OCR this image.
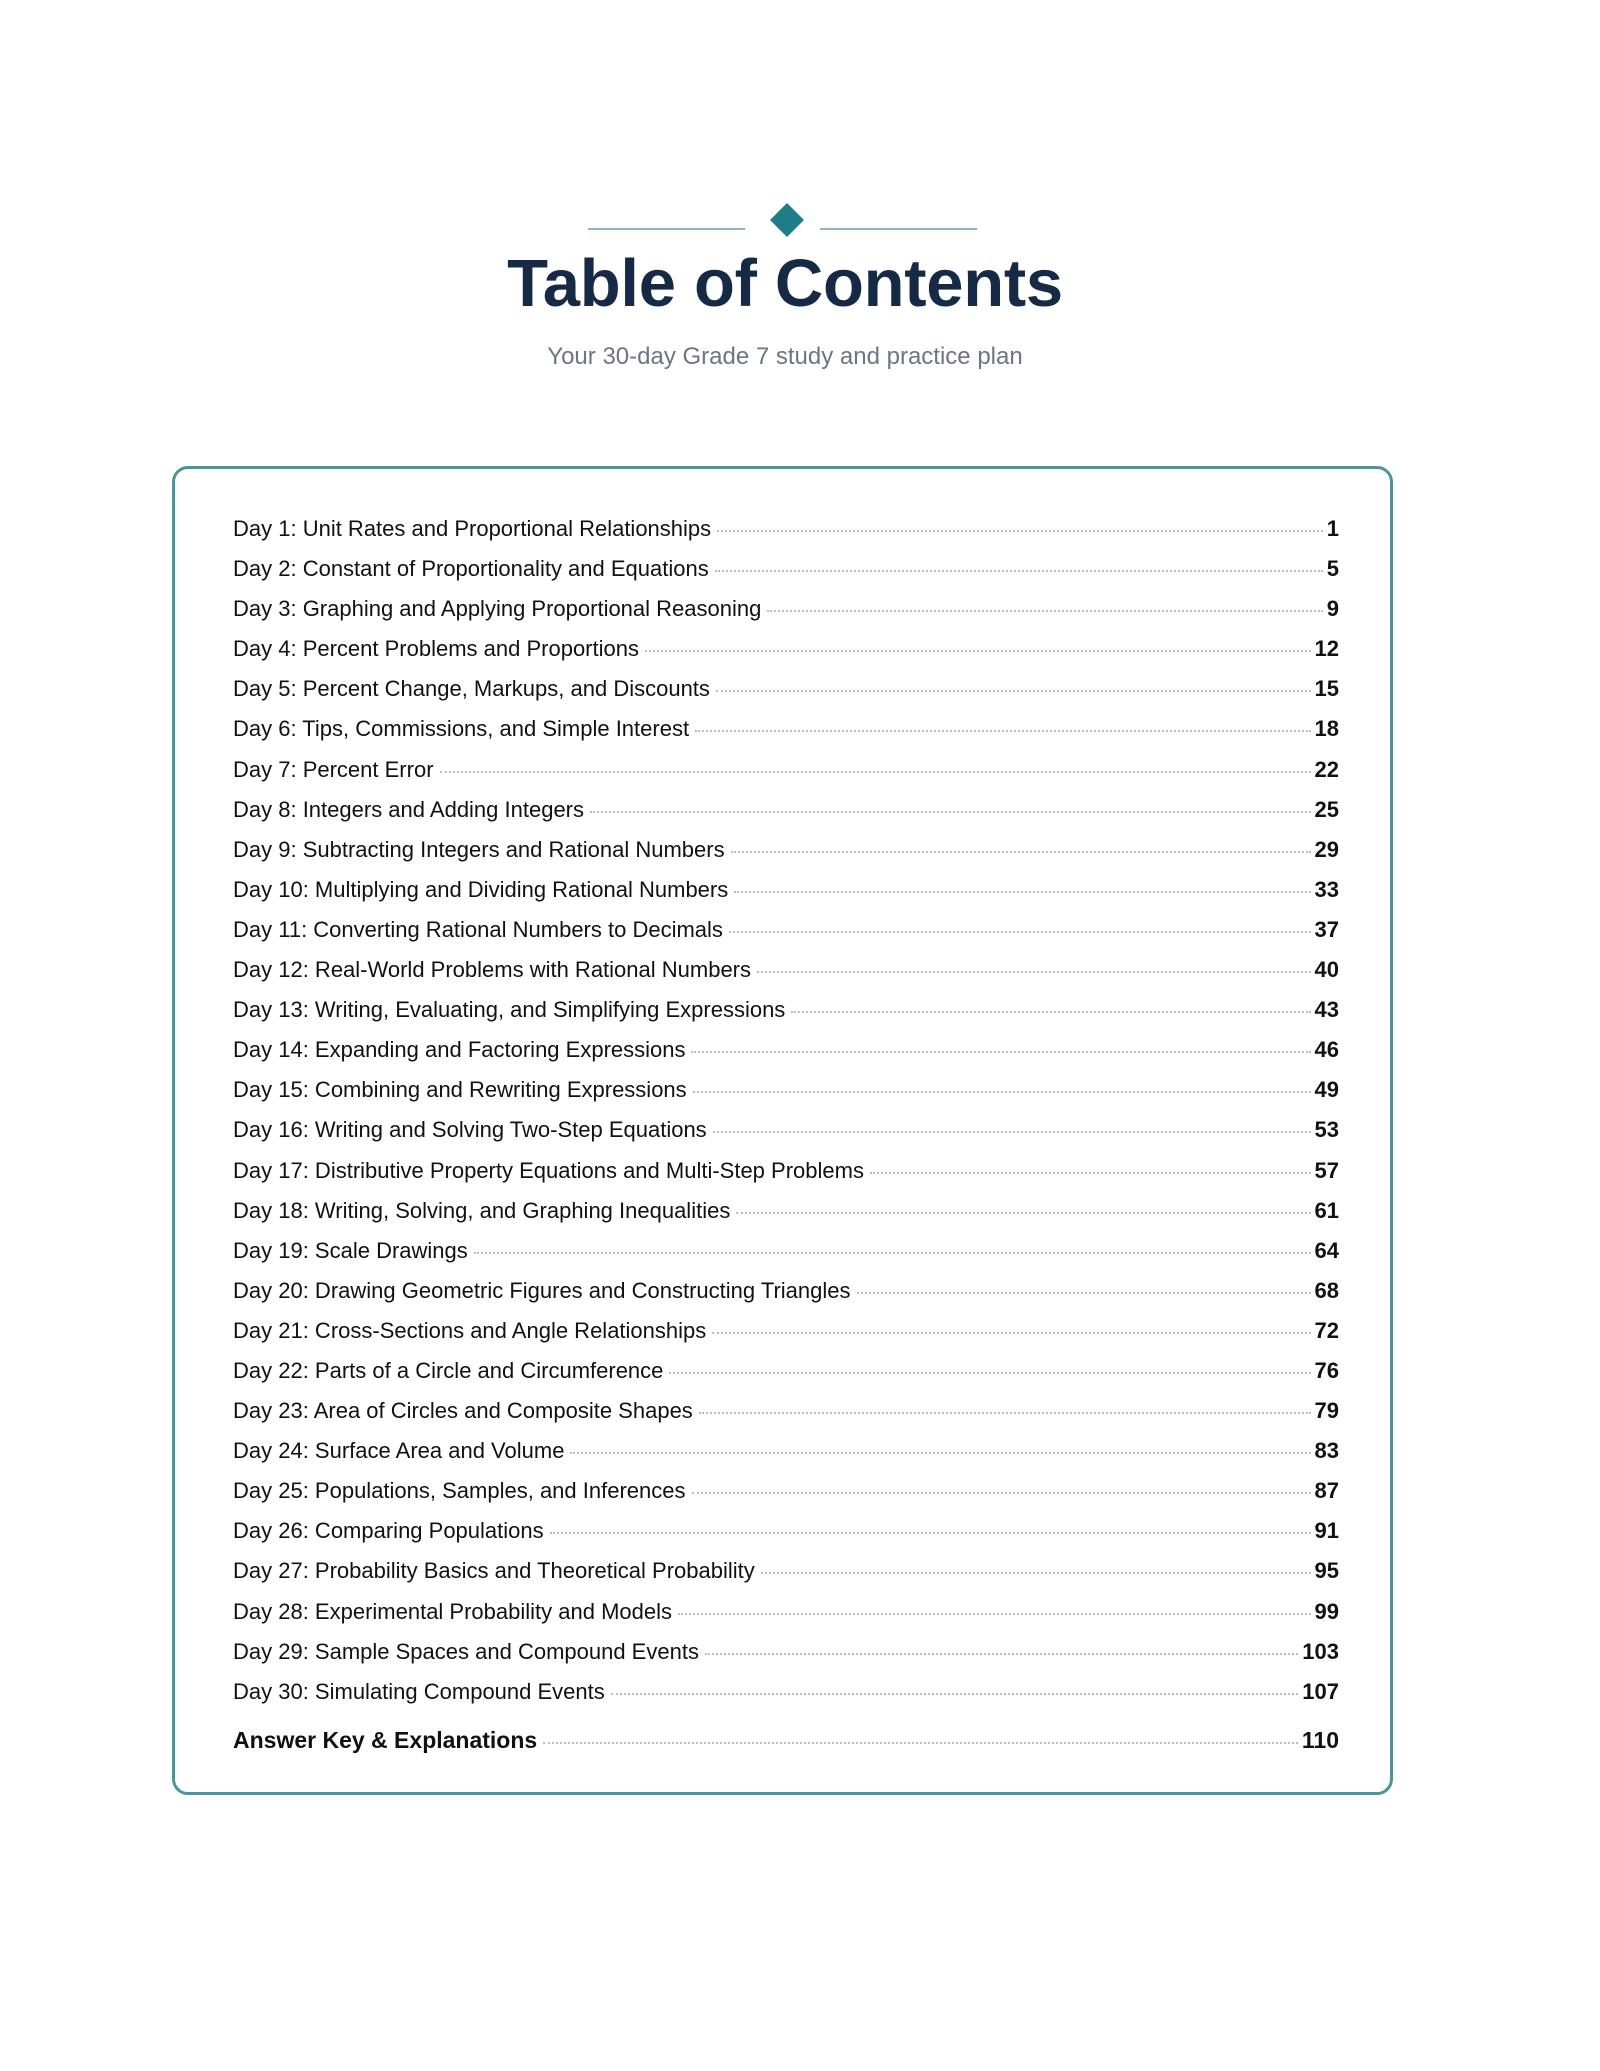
Table of Contents
Your 30-day Grade 7 study and practice plan
Day 1: Unit Rates and Proportional Relationships	1
Day 2: Constant of Proportionality and Equations	5
Day 3: Graphing and Applying Proportional Reasoning	9
Day 4: Percent Problems and Proportions	12
Day 5: Percent Change, Markups, and Discounts	15
Day 6: Tips, Commissions, and Simple Interest	18
Day 7: Percent Error	22
Day 8: Integers and Adding Integers	25
Day 9: Subtracting Integers and Rational Numbers	29
Day 10: Multiplying and Dividing Rational Numbers	33
Day 11: Converting Rational Numbers to Decimals	37
Day 12: Real-World Problems with Rational Numbers	40
Day 13: Writing, Evaluating, and Simplifying Expressions	43
Day 14: Expanding and Factoring Expressions	46
Day 15: Combining and Rewriting Expressions	49
Day 16: Writing and Solving Two-Step Equations	53
Day 17: Distributive Property Equations and Multi-Step Problems	57
Day 18: Writing, Solving, and Graphing Inequalities	61
Day 19: Scale Drawings	64
Day 20: Drawing Geometric Figures and Constructing Triangles	68
Day 21: Cross-Sections and Angle Relationships	72
Day 22: Parts of a Circle and Circumference	76
Day 23: Area of Circles and Composite Shapes	79
Day 24: Surface Area and Volume	83
Day 25: Populations, Samples, and Inferences	87
Day 26: Comparing Populations	91
Day 27: Probability Basics and Theoretical Probability	95
Day 28: Experimental Probability and Models	99
Day 29: Sample Spaces and Compound Events	103
Day 30: Simulating Compound Events	107
Answer Key & Explanations	110
